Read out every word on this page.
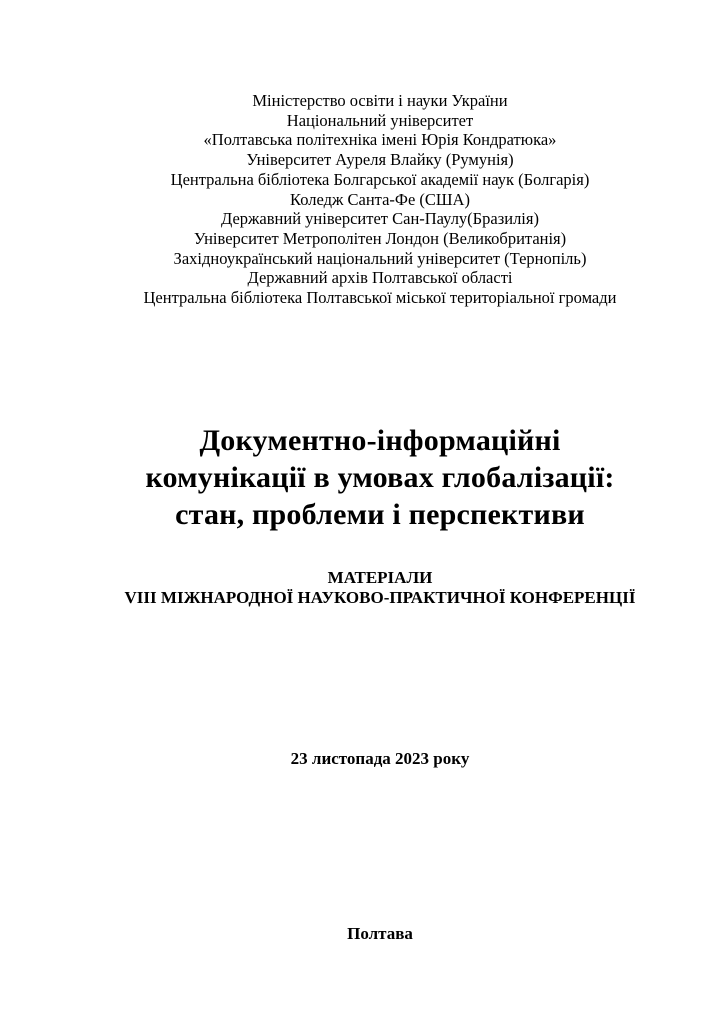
Міністерство освіти і науки України
Національний університет
«Полтавська політехніка імені Юрія Кондратюка»
Університет Ауреля Влайку (Румунія)
Центральна бібліотека Болгарської академії наук (Болгарія)
Коледж Санта-Фе (США)
Державний університет Сан-Паулу(Бразилія)
Університет Метрополітен Лондон (Великобританія)
Західноукраїнський національний університет (Тернопіль)
Державний архів Полтавської області
Центральна бібліотека Полтавської міської територіальної громади
Документно-інформаційні
комунікації в умовах глобалізації:
стан, проблеми і перспективи
МАТЕРІАЛИ
VIII МІЖНАРОДНОЇ НАУКОВО-ПРАКТИЧНОЇ КОНФЕРЕНЦІЇ
23 листопада 2023 року
Полтава
